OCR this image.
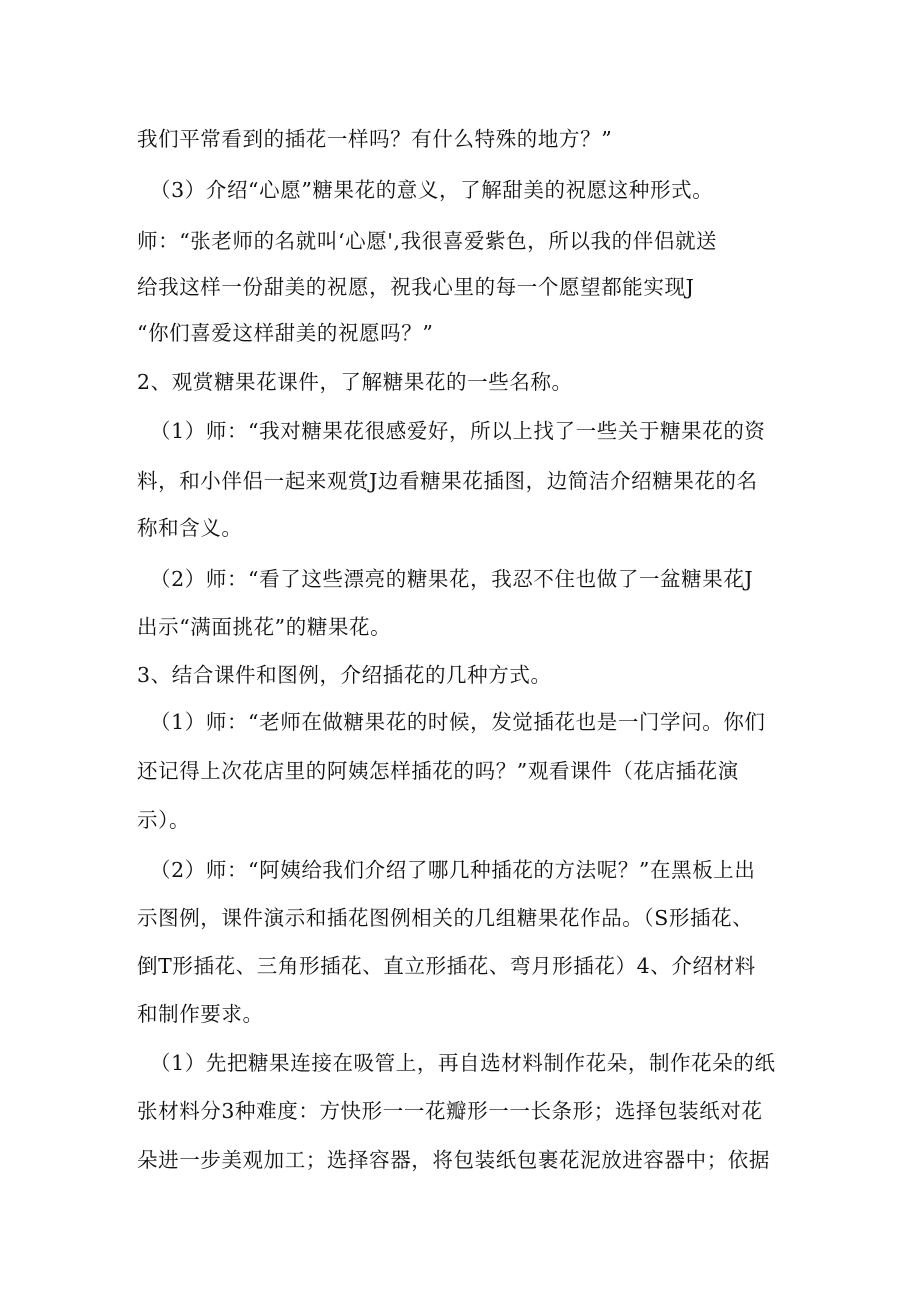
我们平常看到的插花一样吗？有什么特殊的地方？”
（3）介绍“心愿”糖果花的意义，了解甜美的祝愿这种形式。
师：“张老师的名就叫‘心愿',我很喜爱紫色，所以我的伴侣就送
给我这样一份甜美的祝愿，祝我心里的每一个愿望都能实现J
“你们喜爱这样甜美的祝愿吗？”
2、观赏糖果花课件，了解糖果花的一些名称。
（1）师：“我对糖果花很感爱好，所以上找了一些关于糖果花的资
料，和小伴侣一起来观赏J边看糖果花插图，边简洁介绍糖果花的名
称和含义。
（2）师：“看了这些漂亮的糖果花，我忍不住也做了一盆糖果花J
出示“满面挑花”的糖果花。
3、结合课件和图例，介绍插花的几种方式。
（1）师：“老师在做糖果花的时候，发觉插花也是一门学问。你们
还记得上次花店里的阿姨怎样插花的吗？”观看课件（花店插花演
示）。
（2）师：“阿姨给我们介绍了哪几种插花的方法呢？”在黑板上出
示图例，课件演示和插花图例相关的几组糖果花作品。（S形插花、
倒T形插花、三角形插花、直立形插花、弯月形插花）4、介绍材料
和制作要求。
（1）先把糖果连接在吸管上，再自选材料制作花朵，制作花朵的纸
张材料分3种难度：方快形一一花瓣形一一长条形；选择包装纸对花
朵进一步美观加工；选择容器，将包装纸包裹花泥放进容器中；依据
